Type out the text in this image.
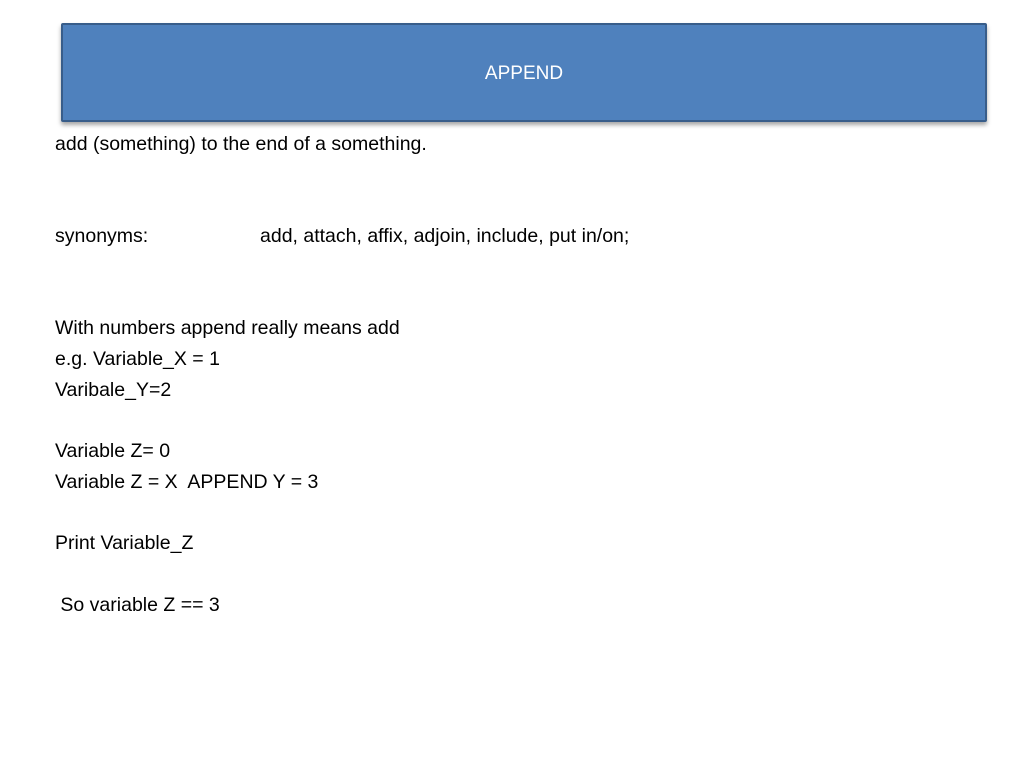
APPEND
add (something) to the end of a something.
synonyms:	add, attach, affix, adjoin, include, put in/on;
With numbers append really means add
e.g. Variable_X = 1
Varibale_Y=2
Variable Z= 0
Variable Z = X  APPEND Y = 3
Print Variable_Z
So variable Z == 3
